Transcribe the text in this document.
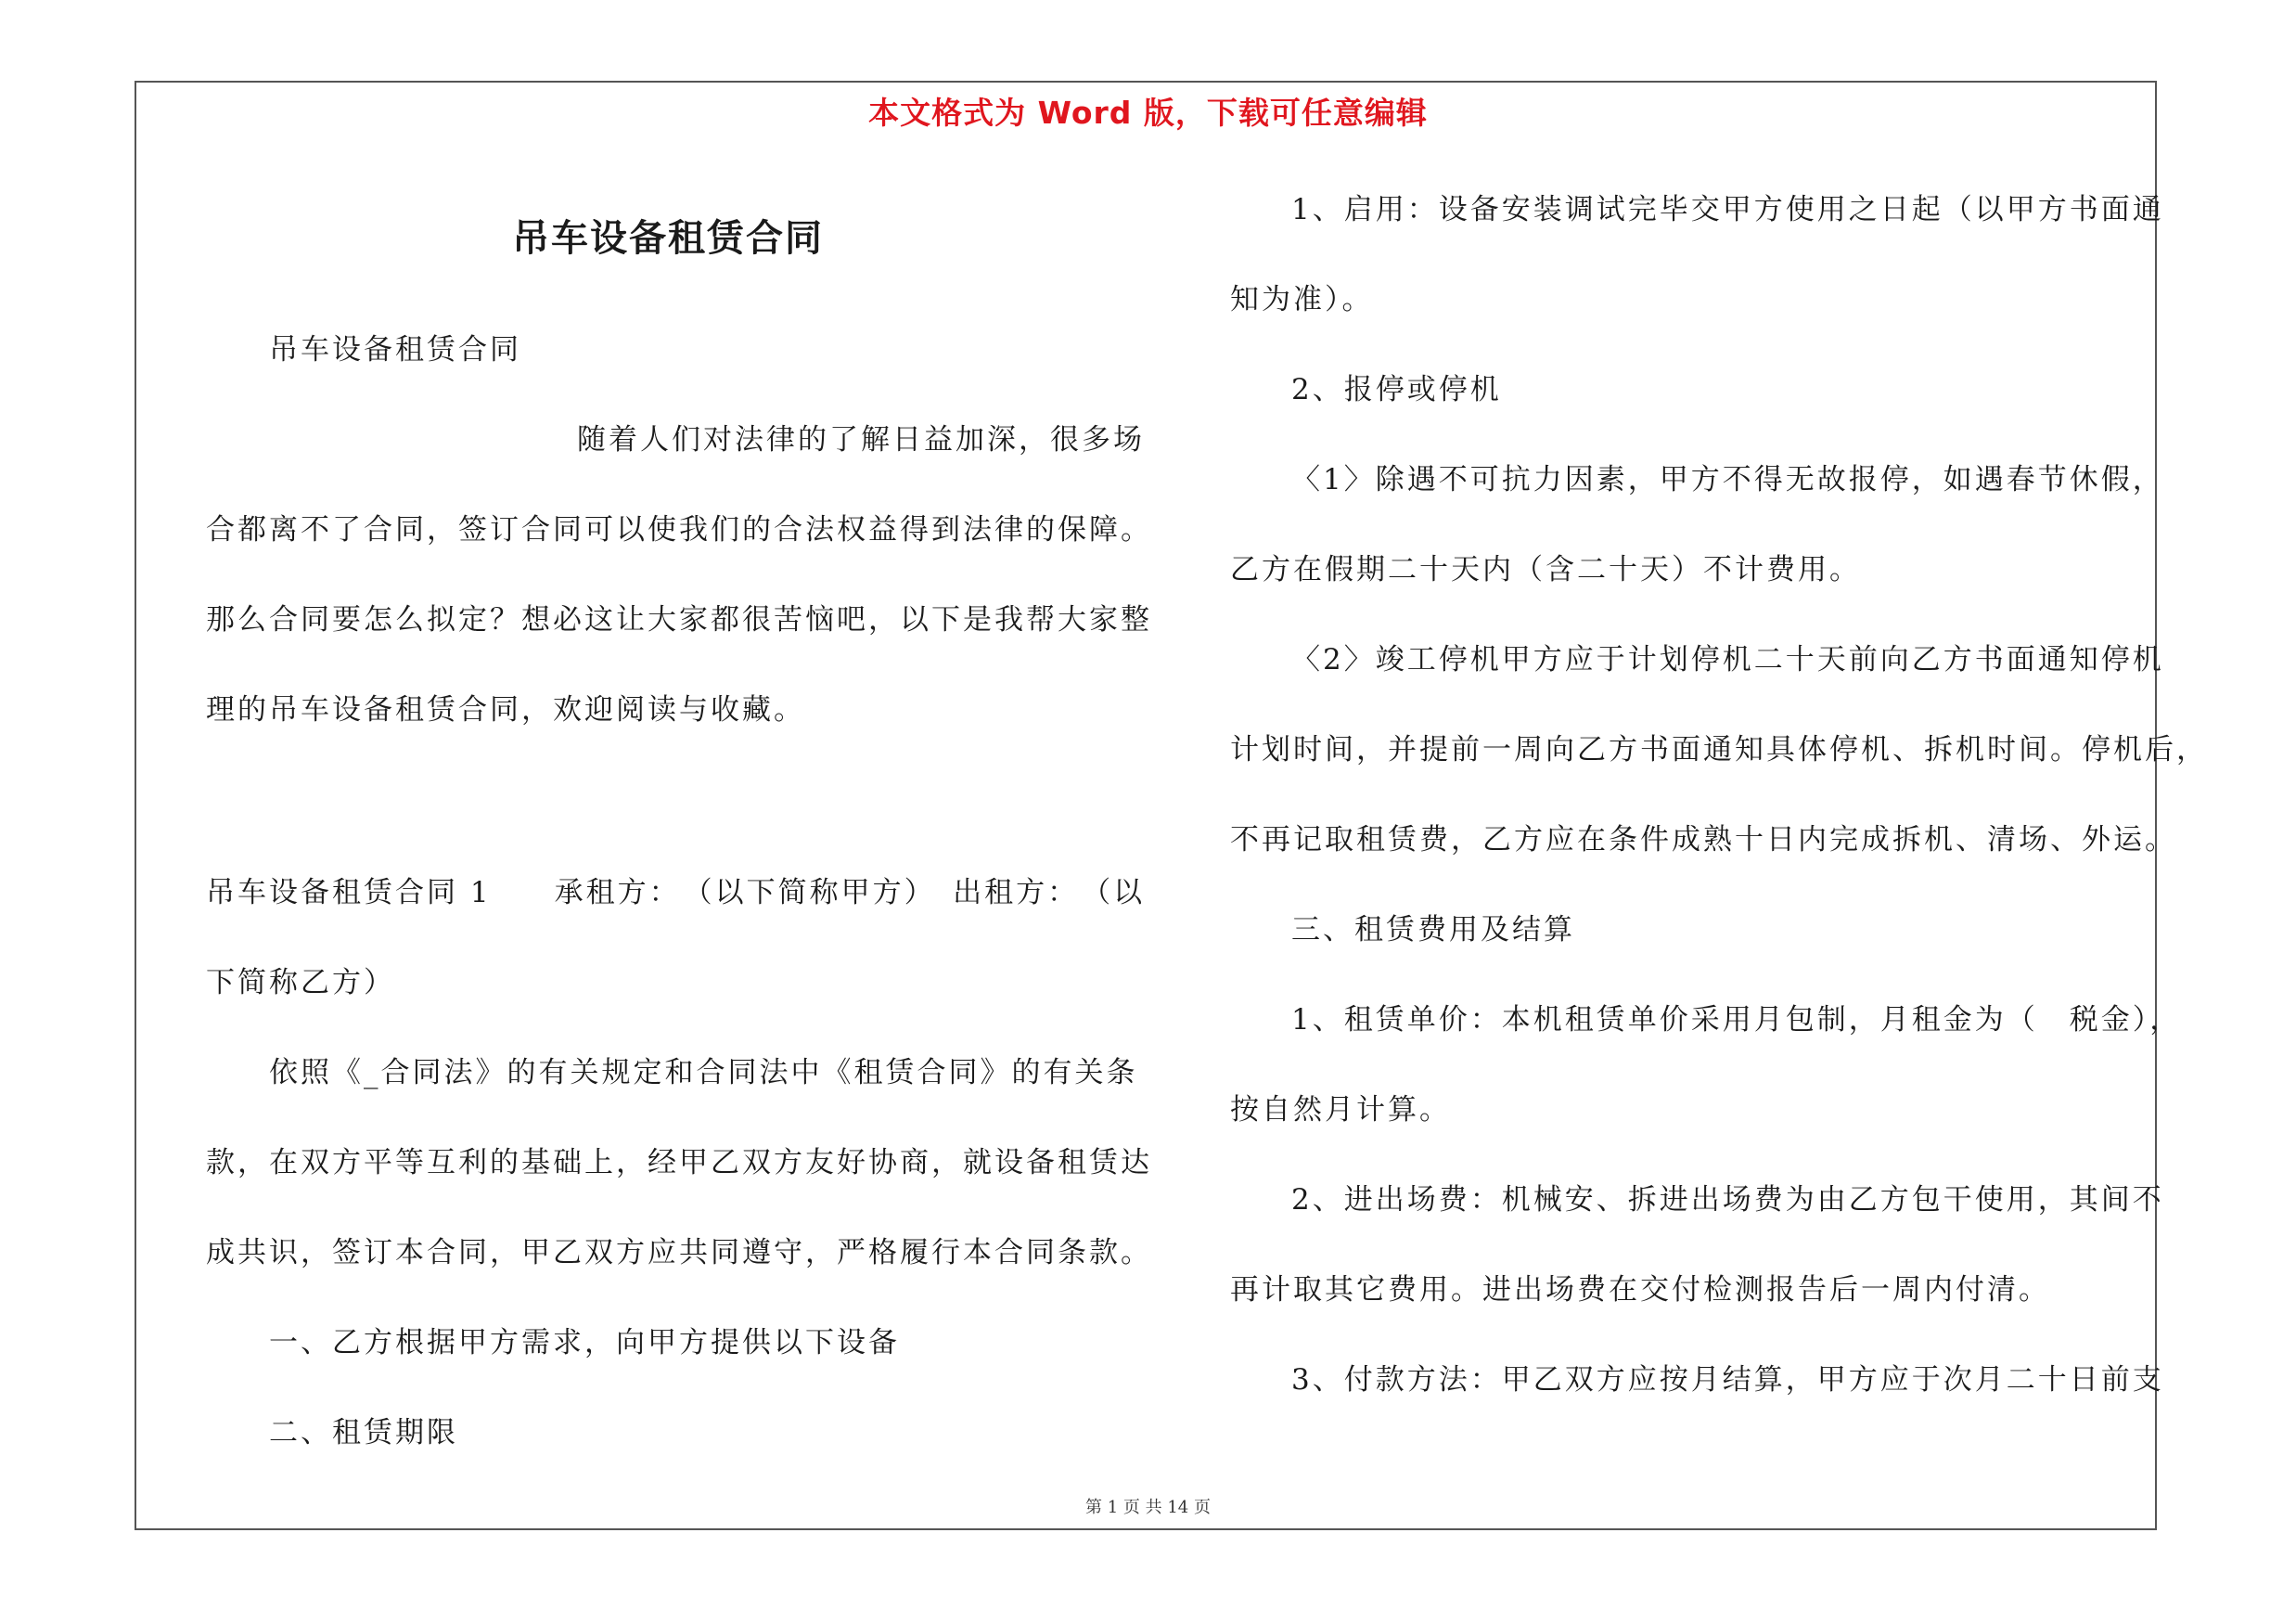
本文格式为 Word 版，下载可任意编辑
吊车设备租赁合同
吊车设备租赁合同
随着人们对法律的了解日益加深，很多场
合都离不了合同，签订合同可以使我们的合法权益得到法律的保障。
那么合同要怎么拟定？想必这让大家都很苦恼吧，以下是我帮大家整
理的吊车设备租赁合同，欢迎阅读与收藏。
吊车设备租赁合同 1　　承租方：　（以下简称甲方）　出租方：　（以
下简称乙方）
依照《_合同法》的有关规定和合同法中《租赁合同》的有关条
款，在双方平等互利的基础上，经甲乙双方友好协商，就设备租赁达
成共识，签订本合同，甲乙双方应共同遵守，严格履行本合同条款。
一、乙方根据甲方需求，向甲方提供以下设备
二、租赁期限
1、启用：设备安装调试完毕交甲方使用之日起（以甲方书面通
知为准）。
2、报停或停机
〈1〉除遇不可抗力因素，甲方不得无故报停，如遇春节休假，
乙方在假期二十天内（含二十天）不计费用。
〈2〉竣工停机甲方应于计划停机二十天前向乙方书面通知停机
计划时间，并提前一周向乙方书面通知具体停机、拆机时间。停机后，
不再记取租赁费，乙方应在条件成熟十日内完成拆机、清场、外运。
三、租赁费用及结算
1、租赁单价：本机租赁单价采用月包制，月租金为（　税金），
按自然月计算。
2、进出场费：机械安、拆进出场费为由乙方包干使用，其间不
再计取其它费用。进出场费在交付检测报告后一周内付清。
3、付款方法：甲乙双方应按月结算，甲方应于次月二十日前支
第 1 页 共 14 页
